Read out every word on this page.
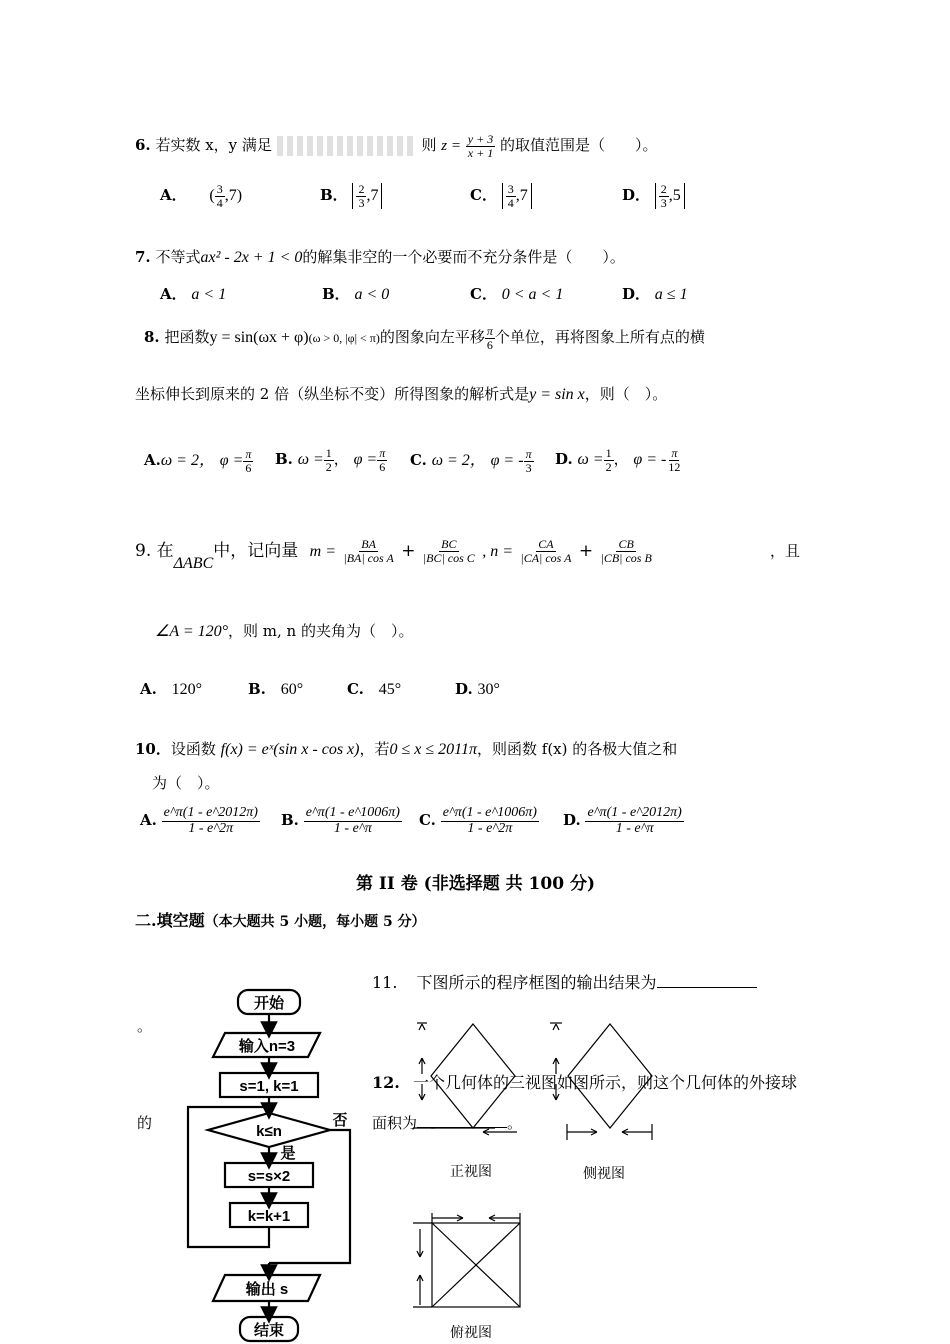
6. 若实数 x，y 满足	则 $z = \frac{y + 3}{x + 1}$ 的取值范围是（　　）。
A． ( $\frac{3}{4} ,7$)	B． $\frac{2}{3} ,7$	C． $\frac{3}{4} ,7$	D． $\frac{2}{3} ,5$
7. 不等式ax² - 2x + 1 < 0的解集非空的一个必要而不充分条件是（　　）。
A． a < 1	B． a < 0	C． 0 < a < 1	D． a ≤ 1
8. 把函数y = sin(ωx + φ)(ω > 0, |φ| < π)的图象向左平移 $\frac{\pi}{6}$ 个单位，再将图象上所有点的横
坐标伸长到原来的 2 倍（纵坐标不变）所得图象的解析式是y = sin x，则（　）。
A.ω = 2， $\varphi = \frac{\pi}{6} B$. $\omega = \frac{1}{2}$ ， $\varphi = \frac{\pi}{6} C$. ω = 2， φ = - $\frac{\pi}{3} D$. $\omega = \frac{1}{2}$ ， φ = - $\frac{\pi}{12}$
9. 在ΔABC中，记向量 $m = \frac{BA}{\text{|BA| cos A}} + \frac{BC}{\text{|BC| cos C}}$ , $n = \frac{CA}{\text{|CA| cos A}} + \frac{CB}{\text{|CB| cos B}}$	，且
∠A = 120°，则 m, n 的夹角为（　）。
A. 120°	B. 60°	C. 45°	D. 30°
10．设函数 f(x) = eˣ(sin x - cos x)，若0 ≤ x ≤ 2011π，则函数 f(x) 的各极大值之和
为（　）。
A. $\frac{e\^{}\pi(1 - e\^{}2012\pi)}{1 - e\^{}2\pi} B$. $\frac{e\^{}\pi(1 - e\^{}1006\pi)}{1 - e\^{}\pi} C$. $\frac{e\^{}\pi(1 - e\^{}1006\pi)}{1 - e\^{}2\pi} D$. $\frac{e\^{}\pi(1 - e\^{}2012\pi)}{1 - e\^{}\pi}$
第 II 卷 (非选择题 共 100 分)
二.填空题（本大题共 5 小题，每小题 5 分）
11. 下图所示的程序框图的输出结果为
。
12. 一个几何体的三视图如图所示，则这个几何体的外接球
的	面积为	。
开始
输入n=3
s=1, k=1
k≤n
是
否
s=s×2
k=k+1
输出 s
结束
正视图	侧视图
俯视图
